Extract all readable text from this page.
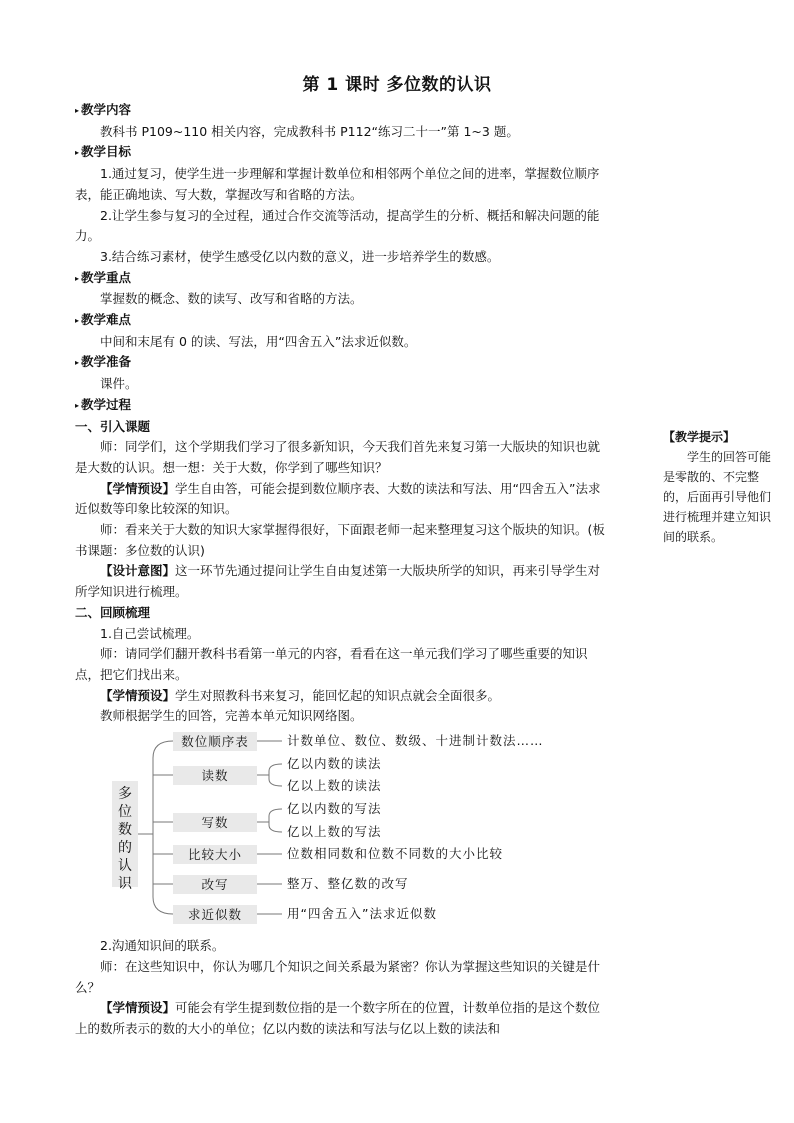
第 1 课时 多位数的认识

▸ 教学内容

教科书 P109~110 相关内容，完成教科书 P112“练习二十一”第 1~3 题。

▸ 教学目标

1.通过复习，使学生进一步理解和掌握计数单位和相邻两个单位之间的进率，掌握数位顺序表，能正确地读、写大数，掌握改写和省略的方法。

2.让学生参与复习的全过程，通过合作交流等活动，提高学生的分析、概括和解决问题的能力。

3.结合练习素材，使学生感受亿以内数的意义，进一步培养学生的数感。

▸ 教学重点

掌握数的概念、数的读写、改写和省略的方法。

▸ 教学难点

中间和末尾有 0 的读、写法，用“四舍五入”法求近似数。

▸ 教学准备

课件。

▸ 教学过程

一、引入课题

师：同学们，这个学期我们学习了很多新知识，今天我们首先来复习第一大版块的知识也就是大数的认识。想一想：关于大数，你学到了哪些知识？

【学情预设】学生自由答，可能会提到数位顺序表、大数的读法和写法、用“四舍五入”法求近似数等印象比较深的知识。

师：看来关于大数的知识大家掌握得很好，下面跟老师一起来整理复习这个版块的知识。(板书课题：多位数的认识)

【设计意图】这一环节先通过提问让学生自由复述第一大版块所学的知识，再来引导学生对所学知识进行梳理。

二、回顾梳理

1.自己尝试梳理。

师：请同学们翻开教科书看第一单元的内容，看看在这一单元我们学习了哪些重要的知识点，把它们找出来。

【学情预设】学生对照教科书来复习，能回忆起的知识点就会全面很多。

教师根据学生的回答，完善本单元知识网络图。

多
位
数
的
认
识
数位顺序表
读数
写数
比较大小
改写
求近似数
计数单位、数位、数级、十进制计数法……
亿以内数的读法
亿以上数的读法
亿以内数的写法
亿以上数的写法
位数相同数和位数不同数的大小比较
整万、整亿数的改写
用“四舍五入”法求近似数

2.沟通知识间的联系。

师：在这些知识中，你认为哪几个知识之间关系最为紧密？你认为掌握这些知识的关键是什么？

【学情预设】可能会有学生提到数位指的是一个数字所在的位置，计数单位指的是这个数位上的数所表示的数的大小的单位；亿以内数的读法和写法与亿以上数的读法和

【教学提示】

学生的回答可能是零散的、不完整的，后面再引导他们进行梳理并建立知识间的联系。
